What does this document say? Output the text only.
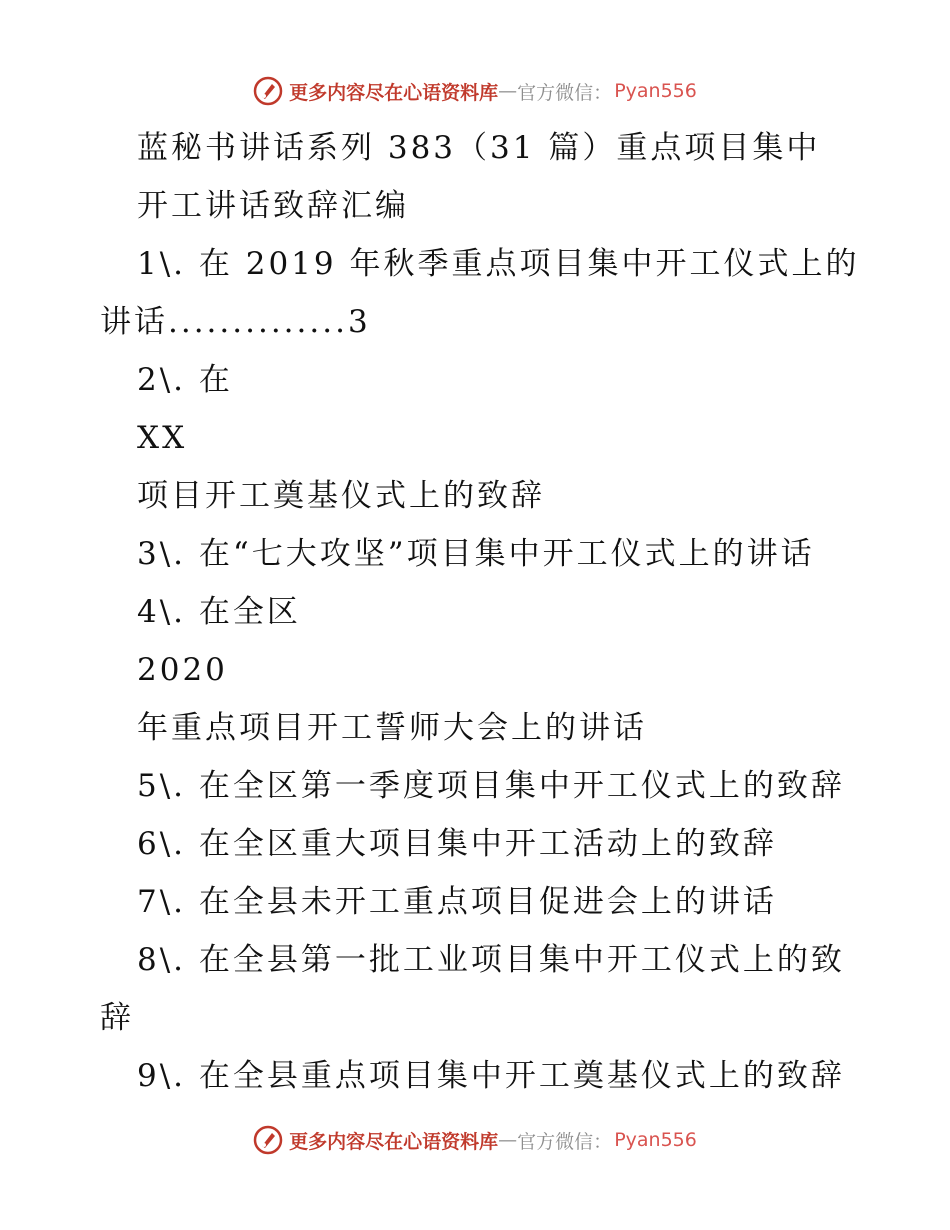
更多内容尽在心语资料库 — 官方微信： Pyan556
蓝秘书讲话系列 383（31 篇）重点项目集中
开工讲话致辞汇编
1\. 在 2019 年秋季重点项目集中开工仪式上的
讲话..............3
2\. 在
XX
项目开工奠基仪式上的致辞
3\. 在“七大攻坚”项目集中开工仪式上的讲话
4\. 在全区
2020
年重点项目开工誓师大会上的讲话
5\. 在全区第一季度项目集中开工仪式上的致辞
6\. 在全区重大项目集中开工活动上的致辞
7\. 在全县未开工重点项目促进会上的讲话
8\. 在全县第一批工业项目集中开工仪式上的致
辞
9\. 在全县重点项目集中开工奠基仪式上的致辞
更多内容尽在心语资料库 — 官方微信： Pyan556
